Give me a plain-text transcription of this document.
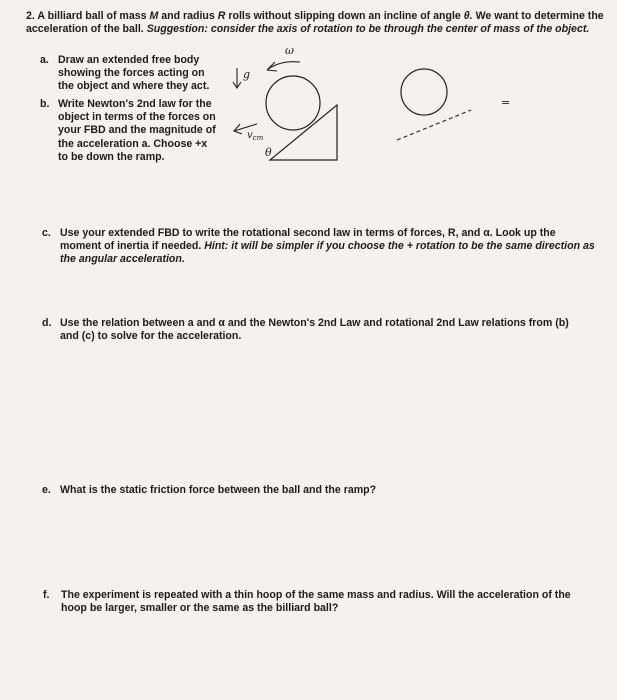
2. A billiard ball of mass M and radius R rolls without slipping down an incline of angle θ. We want to determine the acceleration of the ball. Suggestion: consider the axis of rotation to be through the center of mass of the object.

a. Draw an extended free body showing the forces acting on the object and where they act.
b. Write Newton's 2nd law for the object in terms of the forces on your FBD and the magnitude of the acceleration a. Choose +x to be down the ramp.
ω
g
θ
$v_{cm}$
=
c. Use your extended FBD to write the rotational second law in terms of forces, R, and α. Look up the moment of inertia if needed. Hint: it will be simpler if you choose the + rotation to be the same direction as the angular acceleration.
d. Use the relation between a and α and the Newton's 2nd Law and rotational 2nd Law relations from (b) and (c) to solve for the acceleration.
e. What is the static friction force between the ball and the ramp?
f. The experiment is repeated with a thin hoop of the same mass and radius. Will the acceleration of the hoop be larger, smaller or the same as the billiard ball?
